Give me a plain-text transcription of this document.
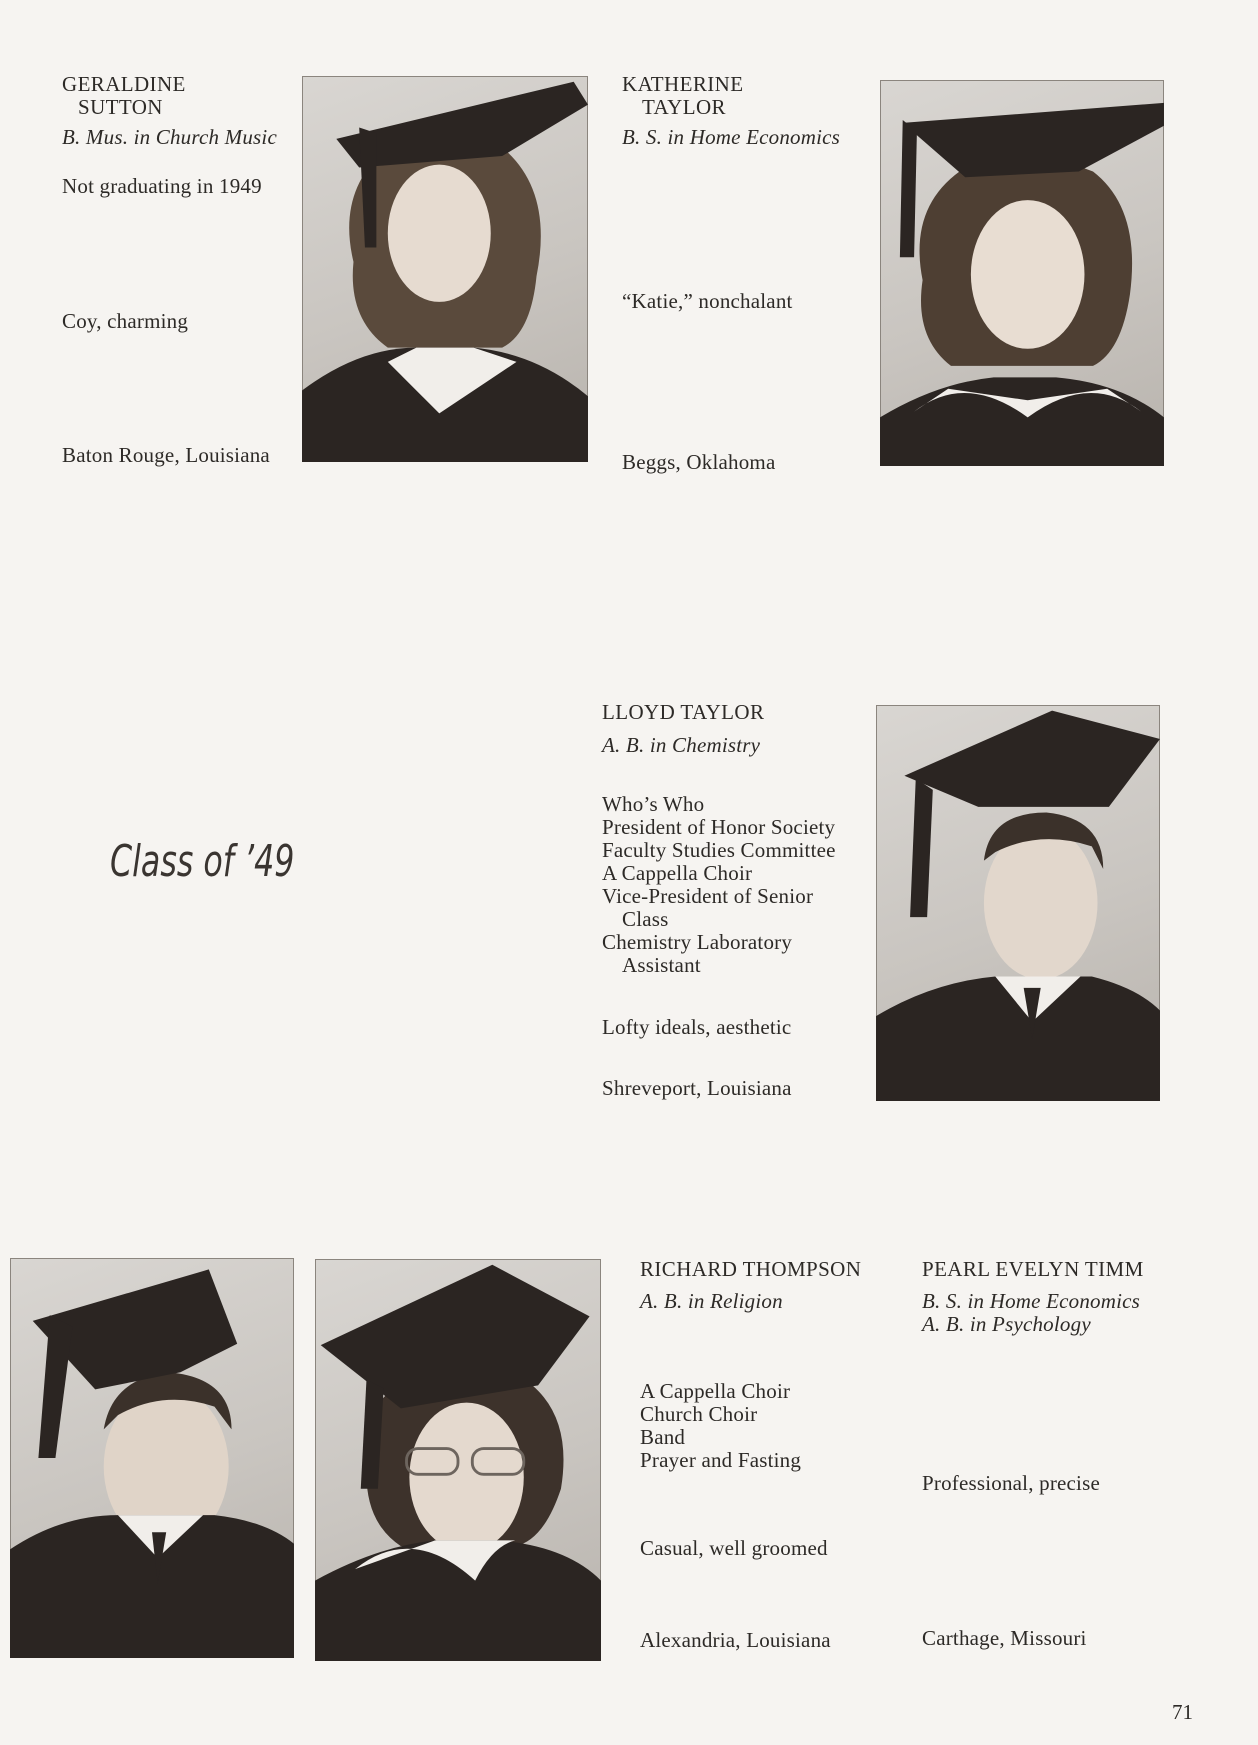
GERALDINE
SUTTON
B. Mus. in Church Music
Not graduating in 1949
Coy, charming
Baton Rouge, Louisiana
KATHERINE
TAYLOR
B. S. in Home Economics
“Katie,” nonchalant
Beggs, Oklahoma
Class of ’49
LLOYD TAYLOR
A. B. in Chemistry
Who’s Who
President of Honor Society
Faculty Studies Committee
A Cappella Choir
Vice-President of Senior
Class
Chemistry Laboratory
Assistant
Lofty ideals, aesthetic
Shreveport, Louisiana
RICHARD THOMPSON
A. B. in Religion
A Cappella Choir
Church Choir
Band
Prayer and Fasting
Casual, well groomed
Alexandria, Louisiana
PEARL EVELYN TIMM
B. S. in Home Economics
A. B. in Psychology
Professional, precise
Carthage, Missouri
71
